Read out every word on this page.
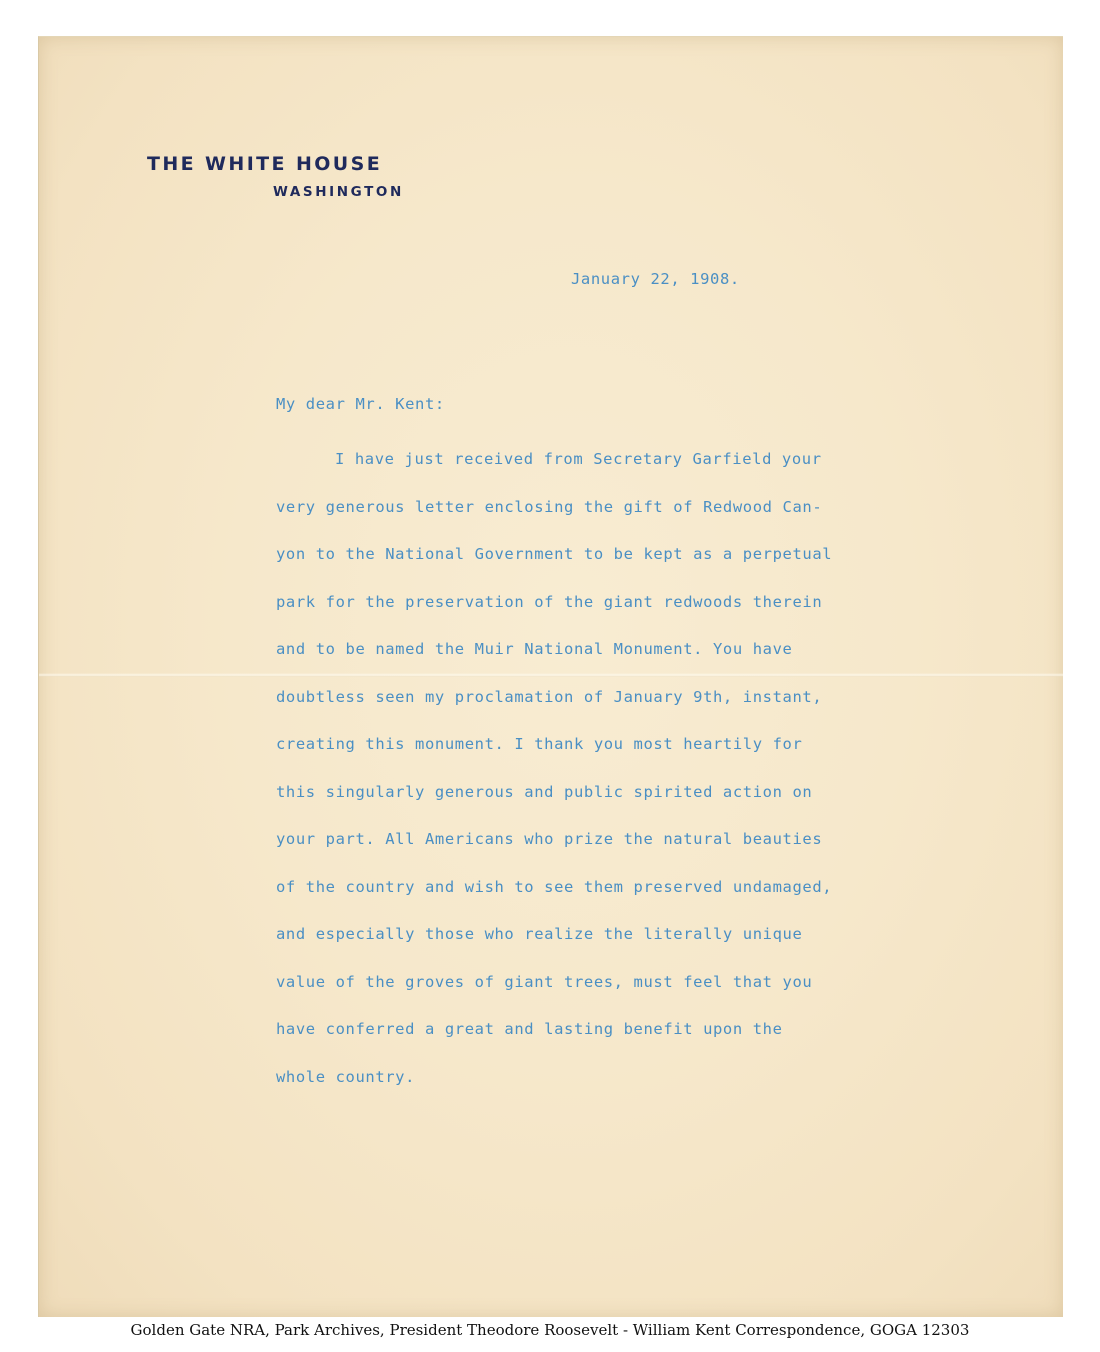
THE WHITE HOUSE
WASHINGTON
January 22, 1908.
My dear Mr. Kent:
I have just received from Secretary Garfield your
very generous letter enclosing the gift of Redwood Can-
yon to the National Government to be kept as a perpetual
park for the preservation of the giant redwoods therein
and to be named the Muir National Monument. You have
doubtless seen my proclamation of January 9th, instant,
creating this monument. I thank you most heartily for
this singularly generous and public spirited action on
your part. All Americans who prize the natural beauties
of the country and wish to see them preserved undamaged,
and especially those who realize the literally unique
value of the groves of giant trees, must feel that you
have conferred a great and lasting benefit upon the
whole country.
Golden Gate NRA, Park Archives, President Theodore Roosevelt - William Kent Correspondence, GOGA 12303
